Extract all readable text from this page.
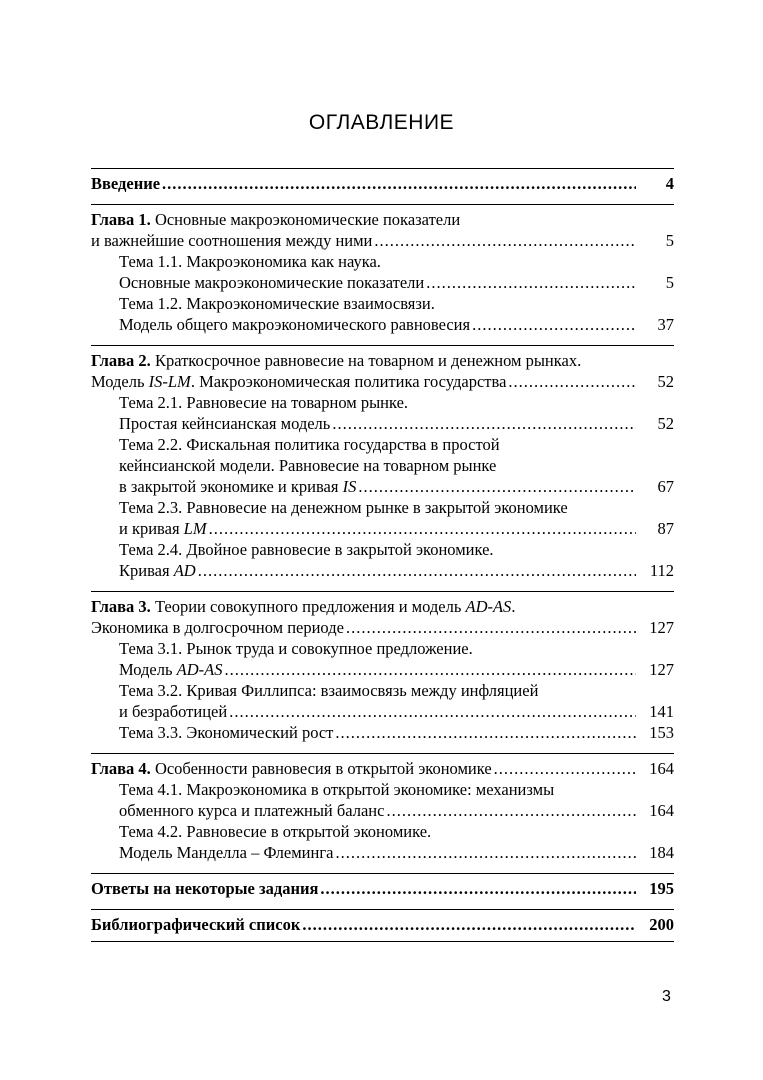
ОГЛАВЛЕНИЕ
Введение .....	4
Глава 1. Основные макроэкономические показатели
и важнейшие соотношения между ними .....	5
Тема 1.1. Макроэкономика как наука.
Основные макроэкономические показатели .....	5
Тема 1.2. Макроэкономические взаимосвязи.
Модель общего макроэкономического равновесия .....	37
Глава 2. Краткосрочное равновесие на товарном и денежном рынках.
Модель IS-LM. Макроэкономическая политика государства .....	52
Тема 2.1. Равновесие на товарном рынке.
Простая кейнсианская модель .....	52
Тема 2.2. Фискальная политика государства в простой
кейнсианской модели. Равновесие на товарном рынке
в закрытой экономике и кривая IS .....	67
Тема 2.3. Равновесие на денежном рынке в закрытой экономике
и кривая LM .....	87
Тема 2.4. Двойное равновесие в закрытой экономике.
Кривая AD .....	112
Глава 3. Теории совокупного предложения и модель AD-AS.
Экономика в долгосрочном периоде .....	127
Тема 3.1. Рынок труда и совокупное предложение.
Модель AD-AS .....	127
Тема 3.2. Кривая Филлипса: взаимосвязь между инфляцией
и безработицей .....	141
Тема 3.3. Экономический рост .....	153
Глава 4. Особенности равновесия в открытой экономике .....	164
Тема 4.1. Макроэкономика в открытой экономике: механизмы
обменного курса и платежный баланс .....	164
Тема 4.2. Равновесие в открытой экономике.
Модель Манделла – Флеминга .....	184
Ответы на некоторые задания .....	195
Библиографический список .....	200
3
